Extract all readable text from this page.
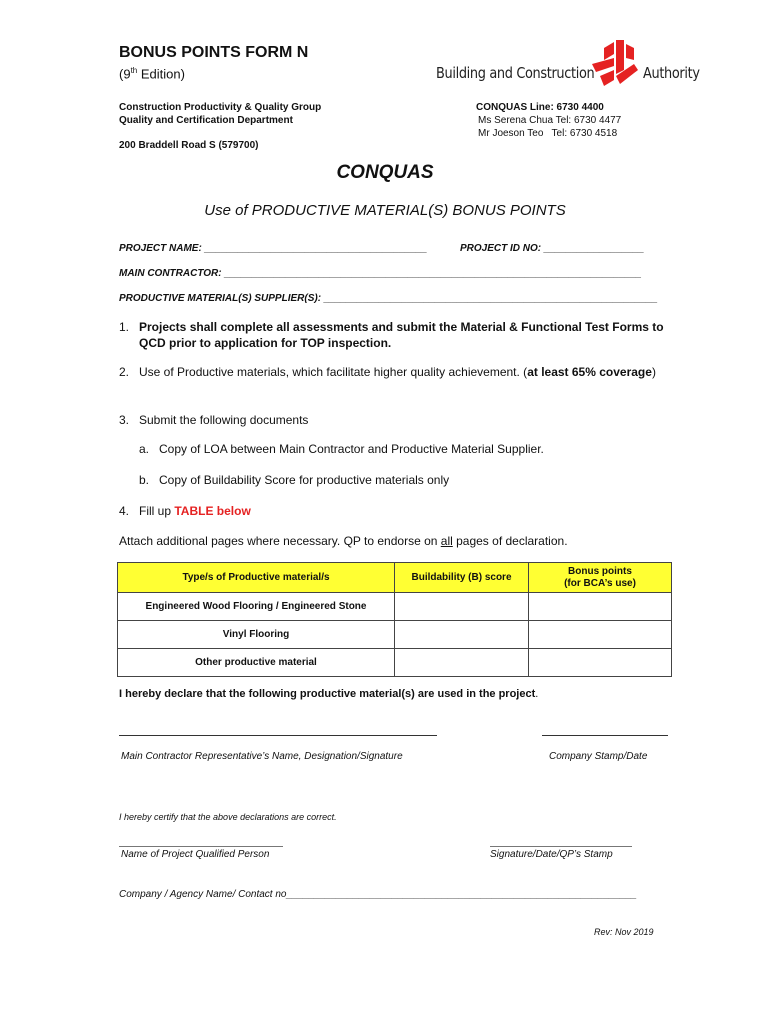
BONUS POINTS FORM N
(9th Edition)	Building and Construction	Authority
Construction Productivity & Quality Group
Quality and Certification Department
200 Braddell Road S (579700)
CONQUAS Line: 6730 4400
Ms Serena Chua Tel: 6730 4477
Mr Joeson Teo   Tel: 6730 4518
CONQUAS
Use of PRODUCTIVE MATERIAL(S) BONUS POINTS
PROJECT NAME: ________________________________________	PROJECT ID NO: __________________
MAIN CONTRACTOR: ___________________________________________________________________________
PRODUCTIVE MATERIAL(S) SUPPLIER(S): ____________________________________________________________
1. Projects shall complete all assessments and submit the Material & Functional Test Forms to QCD prior to application for TOP inspection.
2. Use of Productive materials, which facilitate higher quality achievement. (at least 65% coverage)
3. Submit the following documents
a. Copy of LOA between Main Contractor and Productive Material Supplier.
b. Copy of Buildability Score for productive materials only
4. Fill up TABLE below
Attach additional pages where necessary. QP to endorse on all pages of declaration.
Type/s of Productive material/s	Buildability (B) score	Bonus points
(for BCA’s use)

Engineered Wood Flooring / Engineered Stone		
Vinyl Flooring		
Other productive material		
I hereby declare that the following productive material(s) are used in the project.
Main Contractor Representative’s Name, Designation/Signature	Company Stamp/Date
I hereby certify that the above declarations are correct.
Name of Project Qualified Person	Signature/Date/QP’s Stamp
Company / Agency Name/ Contact no_______________________________________________________________
Rev: Nov 2019
